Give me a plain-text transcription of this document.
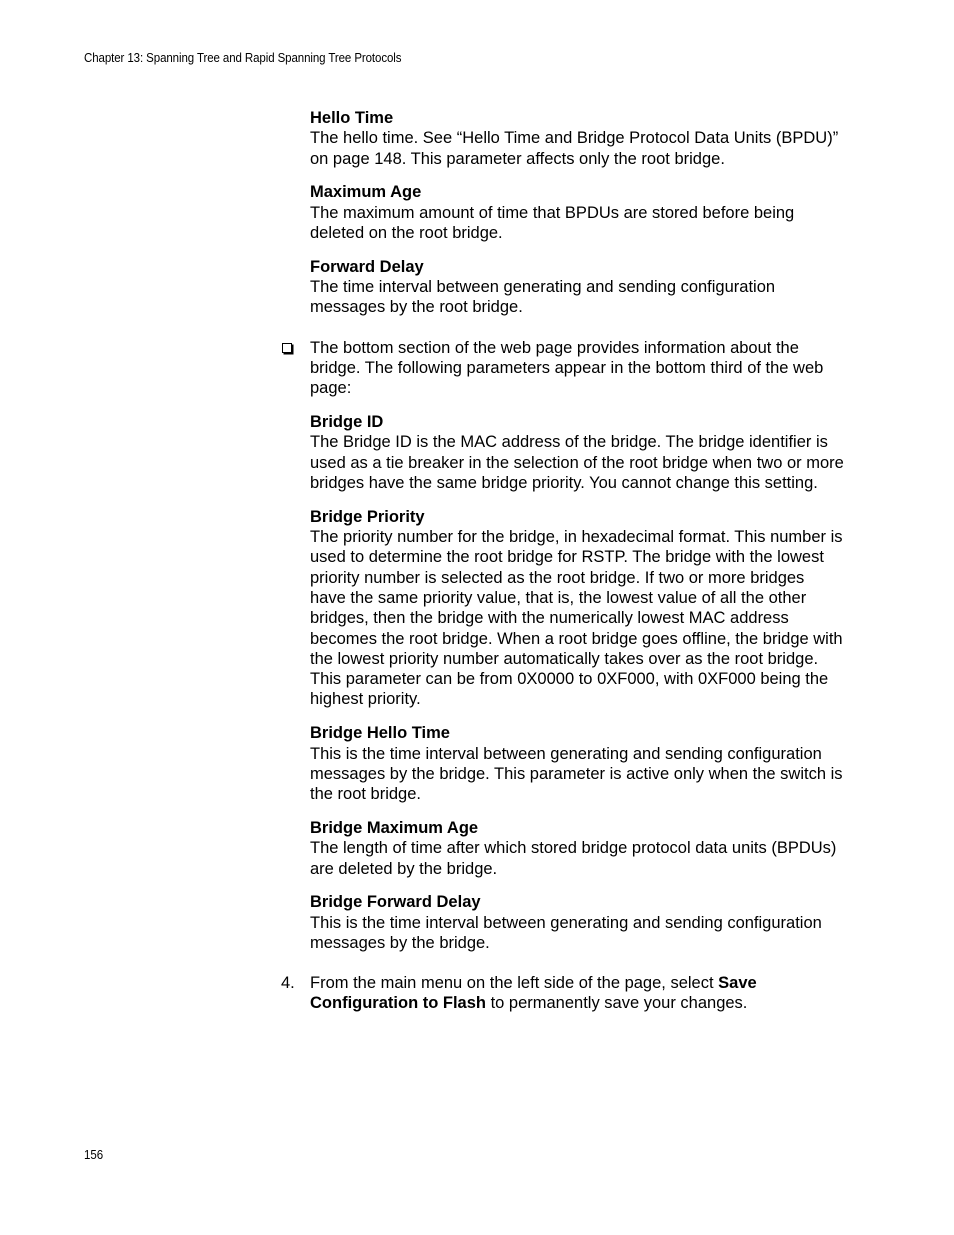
Chapter 13: Spanning Tree and Rapid Spanning Tree Protocols
Hello Time
The hello time. See “Hello Time and Bridge Protocol Data Units (BPDU)” on page 148. This parameter affects only the root bridge.
Maximum Age
The maximum amount of time that BPDUs are stored before being deleted on the root bridge.
Forward Delay
The time interval between generating and sending configuration messages by the root bridge.
The bottom section of the web page provides information about the bridge. The following parameters appear in the bottom third of the web page:
Bridge ID
The Bridge ID is the MAC address of the bridge. The bridge identifier is used as a tie breaker in the selection of the root bridge when two or more bridges have the same bridge priority. You cannot change this setting.
Bridge Priority
The priority number for the bridge, in hexadecimal format. This number is used to determine the root bridge for RSTP. The bridge with the lowest priority number is selected as the root bridge. If two or more bridges have the same priority value, that is, the lowest value of all the other bridges, then the bridge with the numerically lowest MAC address becomes the root bridge. When a root bridge goes offline, the bridge with the lowest priority number automatically takes over as the root bridge. This parameter can be from 0X0000 to 0XF000, with 0XF000 being the highest priority.
Bridge Hello Time
This is the time interval between generating and sending configuration messages by the bridge. This parameter is active only when the switch is the root bridge.
Bridge Maximum Age
The length of time after which stored bridge protocol data units (BPDUs) are deleted by the bridge.
Bridge Forward Delay
This is the time interval between generating and sending configuration messages by the bridge.
4. From the main menu on the left side of the page, select Save Configuration to Flash to permanently save your changes.
156
